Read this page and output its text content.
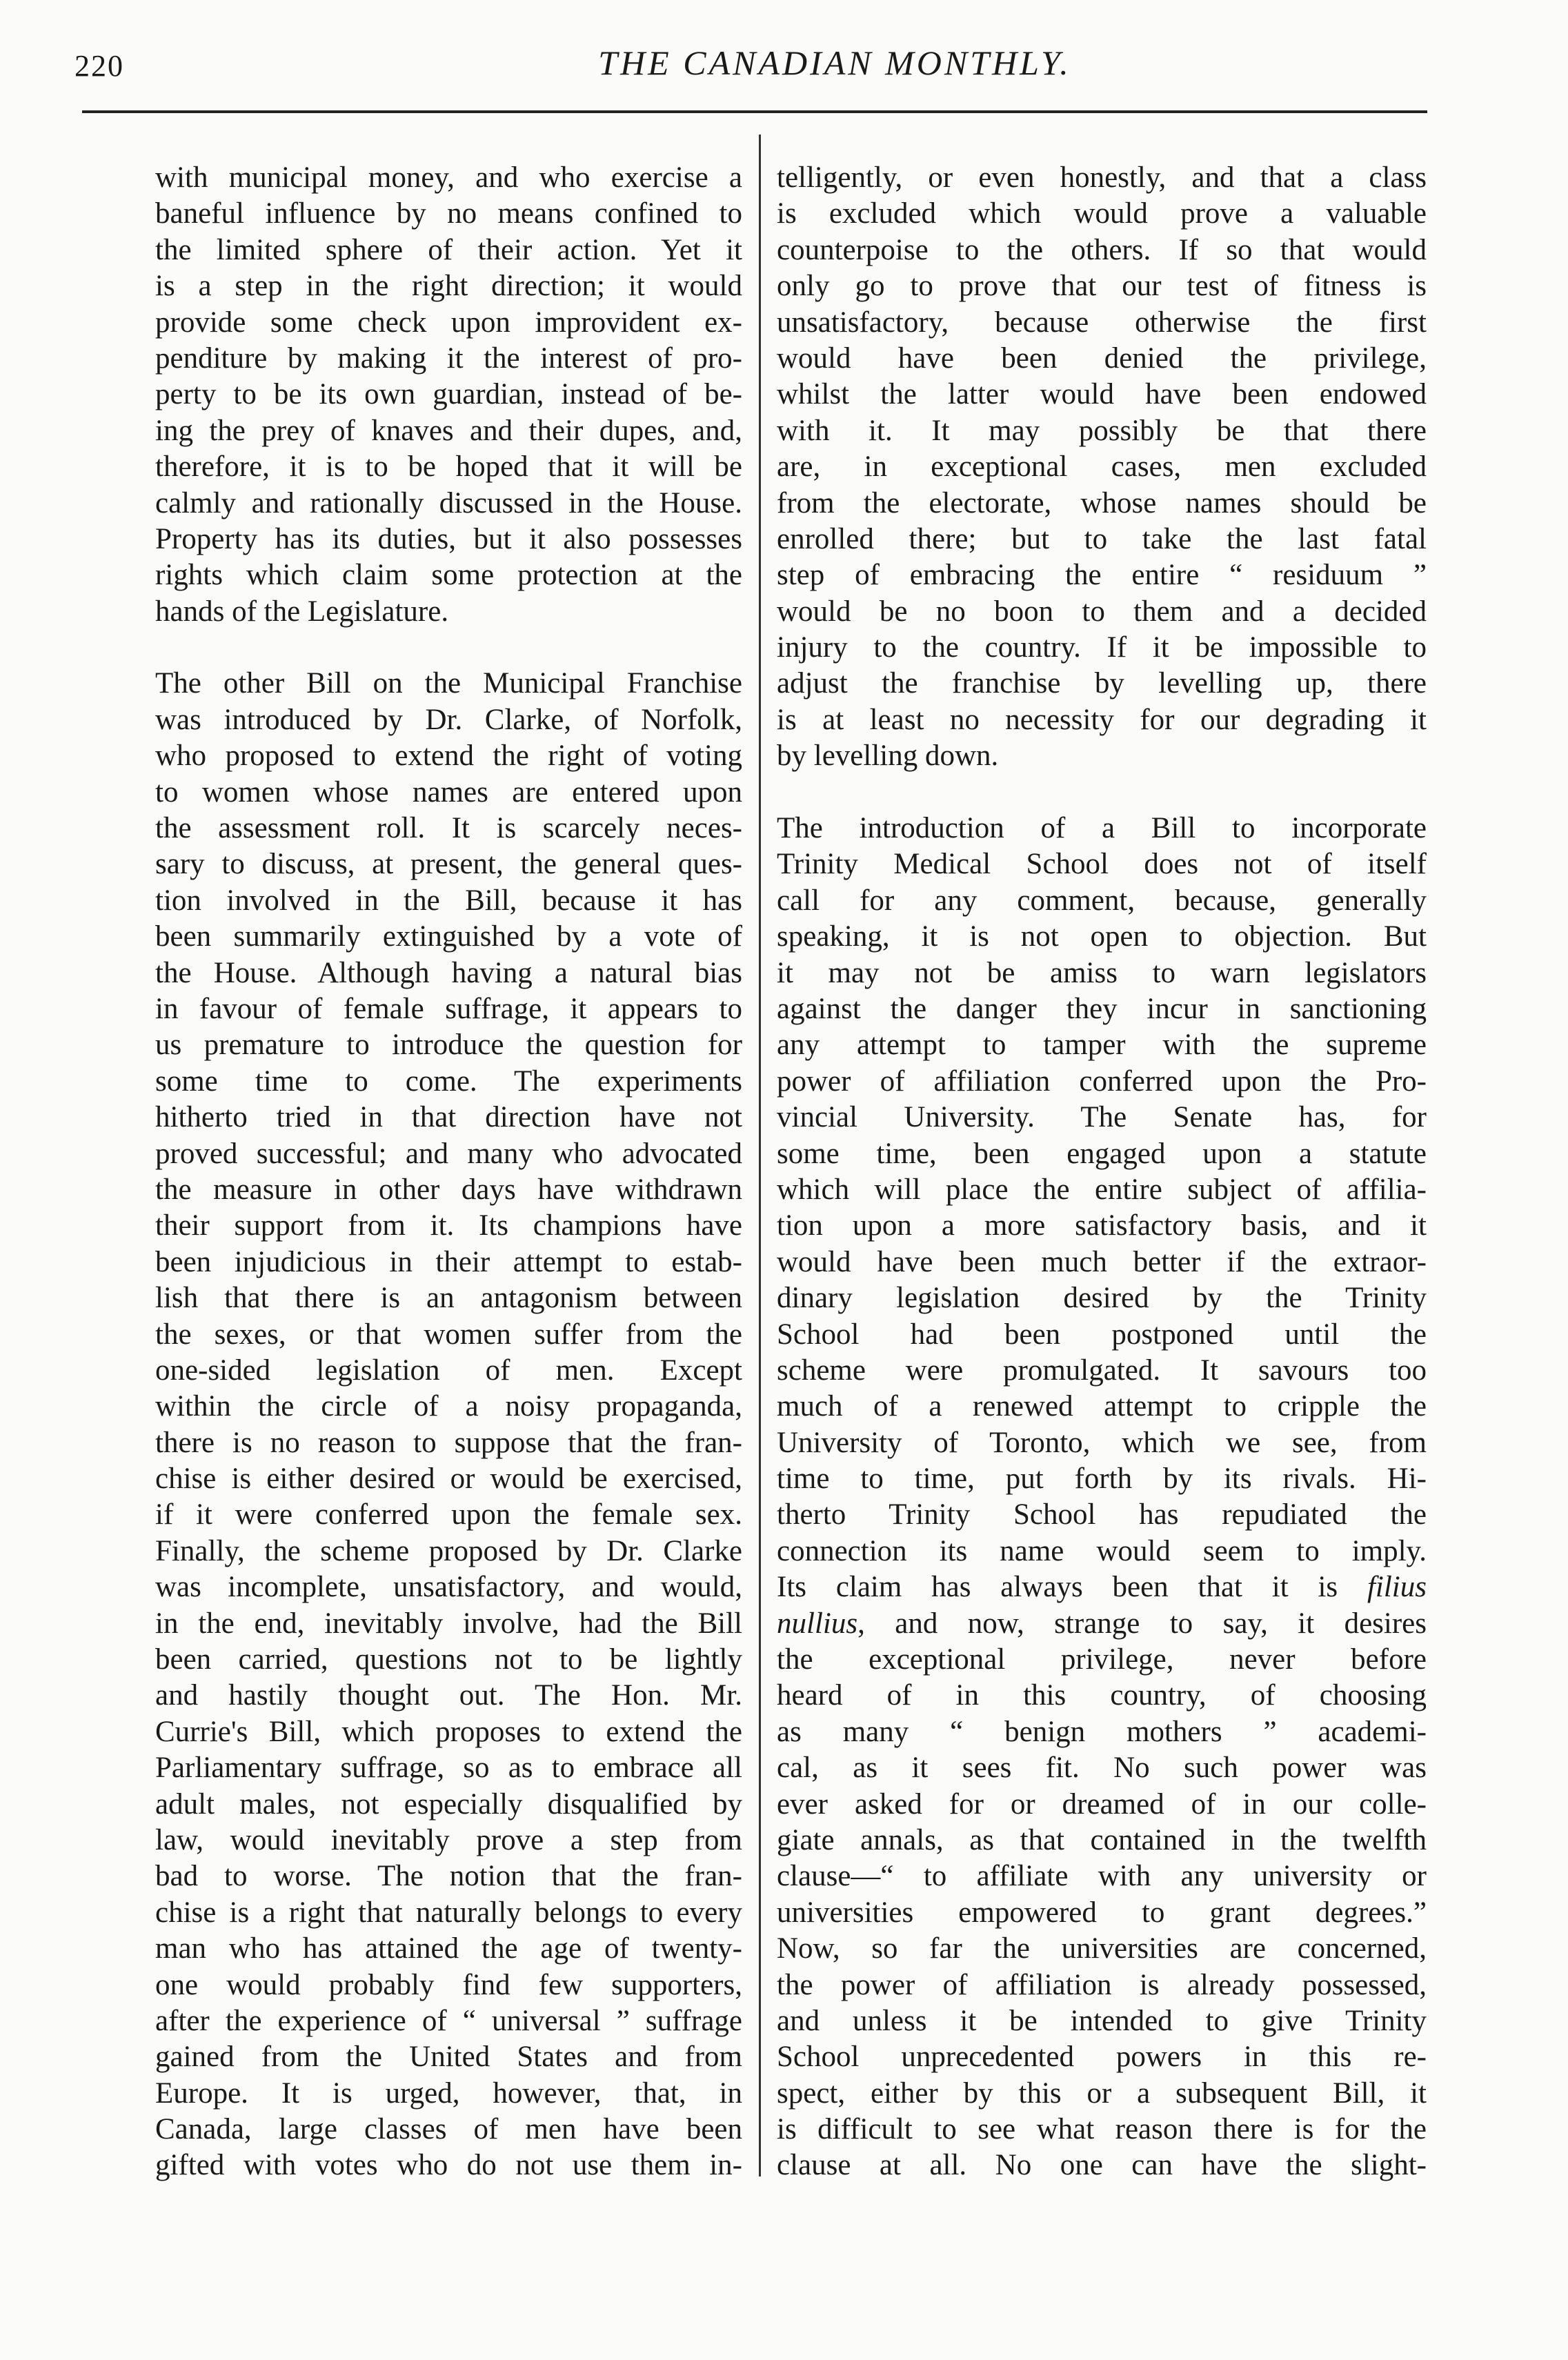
220	THE CANADIAN MONTHLY.
with municipal money, and who exercise a
baneful influence by no means confined to
the limited sphere of their action. Yet it
is a step in the right direction; it would
provide some check upon improvident ex-
penditure by making it the interest of pro-
perty to be its own guardian, instead of be-
ing the prey of knaves and their dupes, and,
therefore, it is to be hoped that it will be
calmly and rationally discussed in the House.
Property has its duties, but it also possesses
rights which claim some protection at the
hands of the Legislature.
The other Bill on the Municipal Franchise
was introduced by Dr. Clarke, of Norfolk,
who proposed to extend the right of voting
to women whose names are entered upon
the assessment roll. It is scarcely neces-
sary to discuss, at present, the general ques-
tion involved in the Bill, because it has
been summarily extinguished by a vote of
the House. Although having a natural bias
in favour of female suffrage, it appears to
us premature to introduce the question for
some time to come. The experiments
hitherto tried in that direction have not
proved successful; and many who advocated
the measure in other days have withdrawn
their support from it. Its champions have
been injudicious in their attempt to estab-
lish that there is an antagonism between
the sexes, or that women suffer from the
one-sided legislation of men. Except
within the circle of a noisy propaganda,
there is no reason to suppose that the fran-
chise is either desired or would be exercised,
if it were conferred upon the female sex.
Finally, the scheme proposed by Dr. Clarke
was incomplete, unsatisfactory, and would,
in the end, inevitably involve, had the Bill
been carried, questions not to be lightly
and hastily thought out. The Hon. Mr.
Currie's Bill, which proposes to extend the
Parliamentary suffrage, so as to embrace all
adult males, not especially disqualified by
law, would inevitably prove a step from
bad to worse. The notion that the fran-
chise is a right that naturally belongs to every
man who has attained the age of twenty-
one would probably find few supporters,
after the experience of “ universal ” suffrage
gained from the United States and from
Europe. It is urged, however, that, in
Canada, large classes of men have been
gifted with votes who do not use them in-
telligently, or even honestly, and that a class
is excluded which would prove a valuable
counterpoise to the others. If so that would
only go to prove that our test of fitness is
unsatisfactory, because otherwise the first
would have been denied the privilege,
whilst the latter would have been endowed
with it. It may possibly be that there
are, in exceptional cases, men excluded
from the electorate, whose names should be
enrolled there; but to take the last fatal
step of embracing the entire “ residuum ”
would be no boon to them and a decided
injury to the country. If it be impossible to
adjust the franchise by levelling up, there
is at least no necessity for our degrading it
by levelling down.
The introduction of a Bill to incorporate
Trinity Medical School does not of itself
call for any comment, because, generally
speaking, it is not open to objection. But
it may not be amiss to warn legislators
against the danger they incur in sanctioning
any attempt to tamper with the supreme
power of affiliation conferred upon the Pro-
vincial University. The Senate has, for
some time, been engaged upon a statute
which will place the entire subject of affilia-
tion upon a more satisfactory basis, and it
would have been much better if the extraor-
dinary legislation desired by the Trinity
School had been postponed until the
scheme were promulgated. It savours too
much of a renewed attempt to cripple the
University of Toronto, which we see, from
time to time, put forth by its rivals. Hi-
therto Trinity School has repudiated the
connection its name would seem to imply.
Its claim has always been that it is filius
nullius, and now, strange to say, it desires
the exceptional privilege, never before
heard of in this country, of choosing
as many “ benign mothers ” academi-
cal, as it sees fit. No such power was
ever asked for or dreamed of in our colle-
giate annals, as that contained in the twelfth
clause—“ to affiliate with any university or
universities empowered to grant degrees.”
Now, so far the universities are concerned,
the power of affiliation is already possessed,
and unless it be intended to give Trinity
School unprecedented powers in this re-
spect, either by this or a subsequent Bill, it
is difficult to see what reason there is for the
clause at all. No one can have the slight-
